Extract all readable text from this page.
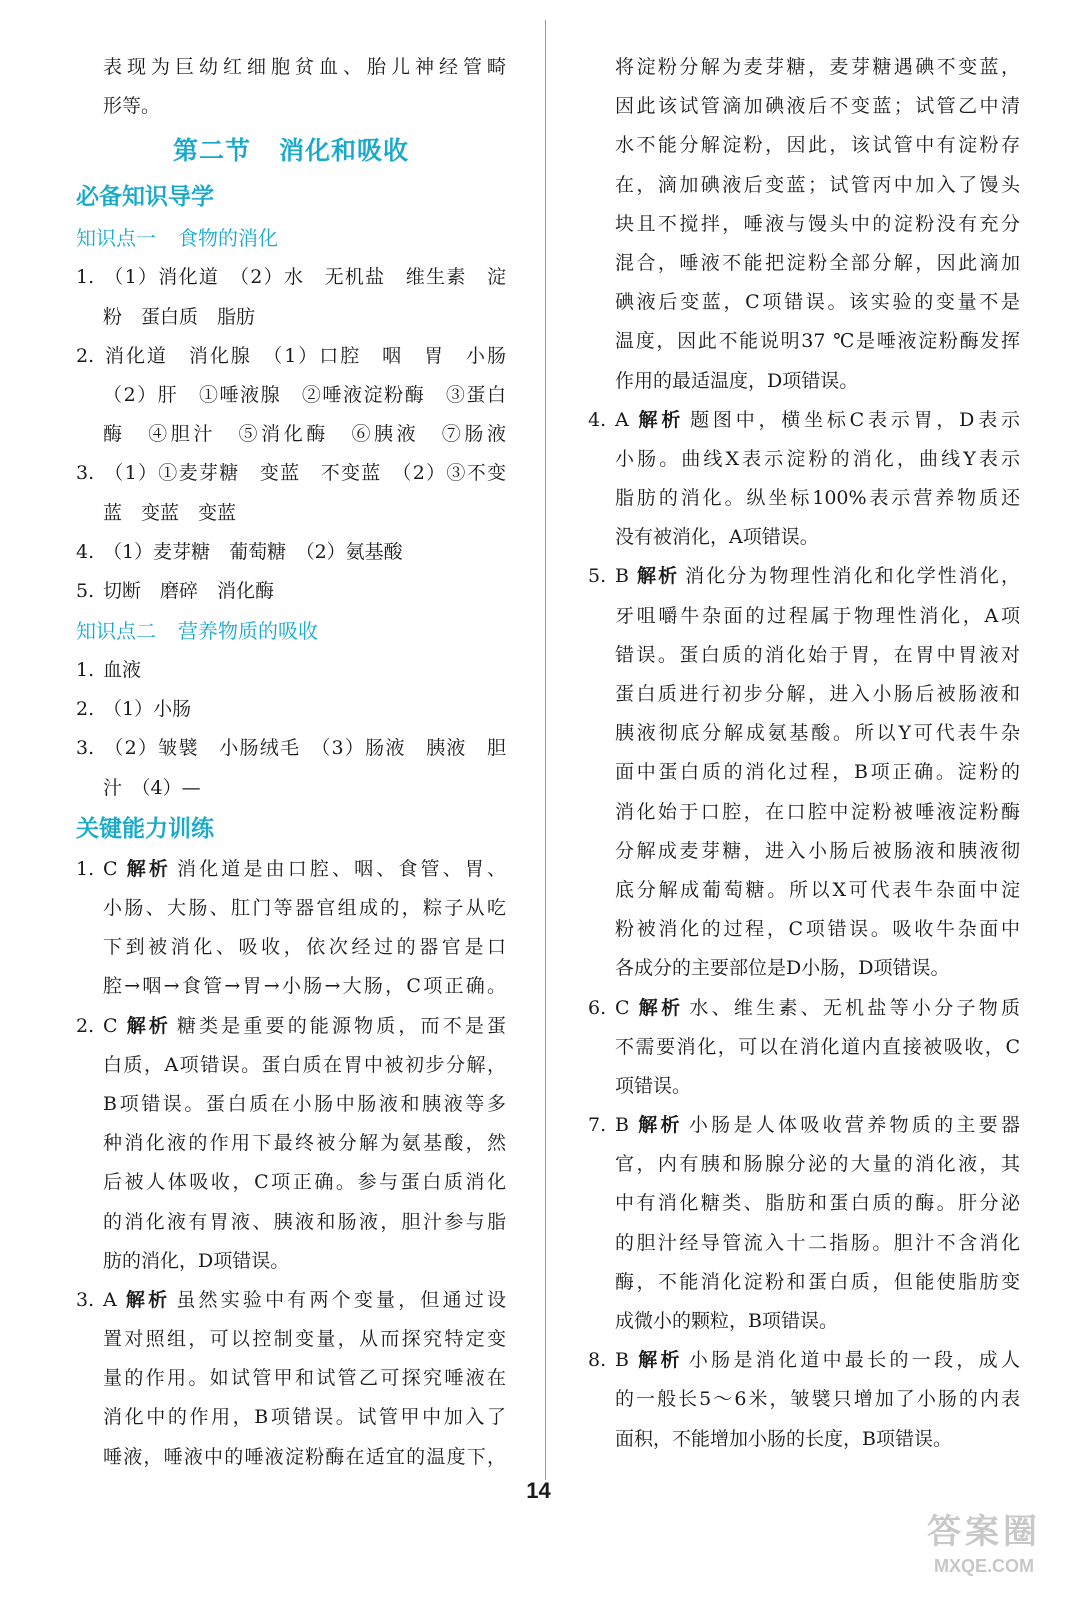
表现为巨幼红细胞贫血、胎儿神经管畸
形等。
第二节 消化和吸收
必备知识导学
知识点一 食物的消化
1. （1）消化道　（2）水　无机盐　维生素　淀
粉　蛋白质　脂肪
2. 消化道　消化腺　（1）口腔　咽　胃　小肠
（2）肝　①唾液腺　②唾液淀粉酶　③蛋白
酶　④胆汁　⑤消化酶　⑥胰液　⑦肠液
3. （1）①麦芽糖　变蓝　不变蓝　（2）③不变
蓝　变蓝　变蓝
4. （1）麦芽糖　葡萄糖　（2）氨基酸
5. 切断　磨碎　消化酶
知识点二 营养物质的吸收
1. 血液
2. （1）小肠
3. （2）皱襞　小肠绒毛　（3）肠液　胰液　胆
汁　（4）—
关键能力训练
1. C 解析 消化道是由口腔、咽、食管、胃、
小肠、大肠、肛门等器官组成的，粽子从吃
下到被消化、吸收，依次经过的器官是口
腔→咽→食管→胃→小肠→大肠，C项正确。
2. C 解析 糖类是重要的能源物质，而不是蛋
白质，A项错误。蛋白质在胃中被初步分解，
B项错误。蛋白质在小肠中肠液和胰液等多
种消化液的作用下最终被分解为氨基酸，然
后被人体吸收，C项正确。参与蛋白质消化
的消化液有胃液、胰液和肠液，胆汁参与脂
肪的消化，D项错误。
3. A 解析 虽然实验中有两个变量，但通过设
置对照组，可以控制变量，从而探究特定变
量的作用。如试管甲和试管乙可探究唾液在
消化中的作用，B项错误。试管甲中加入了
唾液，唾液中的唾液淀粉酶在适宜的温度下，
将淀粉分解为麦芽糖，麦芽糖遇碘不变蓝，
因此该试管滴加碘液后不变蓝；试管乙中清
水不能分解淀粉，因此，该试管中有淀粉存
在，滴加碘液后变蓝；试管丙中加入了馒头
块且不搅拌，唾液与馒头中的淀粉没有充分
混合，唾液不能把淀粉全部分解，因此滴加
碘液后变蓝，C项错误。该实验的变量不是
温度，因此不能说明37 ℃是唾液淀粉酶发挥
作用的最适温度，D项错误。
4. A 解析 题图中，横坐标C表示胃，D表示
小肠。曲线X表示淀粉的消化，曲线Y表示
脂肪的消化。纵坐标100%表示营养物质还
没有被消化，A项错误。
5. B 解析 消化分为物理性消化和化学性消化，
牙咀嚼牛杂面的过程属于物理性消化，A项
错误。蛋白质的消化始于胃，在胃中胃液对
蛋白质进行初步分解，进入小肠后被肠液和
胰液彻底分解成氨基酸。所以Y可代表牛杂
面中蛋白质的消化过程，B项正确。淀粉的
消化始于口腔，在口腔中淀粉被唾液淀粉酶
分解成麦芽糖，进入小肠后被肠液和胰液彻
底分解成葡萄糖。所以X可代表牛杂面中淀
粉被消化的过程，C项错误。吸收牛杂面中
各成分的主要部位是D小肠，D项错误。
6. C 解析 水、维生素、无机盐等小分子物质
不需要消化，可以在消化道内直接被吸收，C
项错误。
7. B 解析 小肠是人体吸收营养物质的主要器
官，内有胰和肠腺分泌的大量的消化液，其
中有消化糖类、脂肪和蛋白质的酶。肝分泌
的胆汁经导管流入十二指肠。胆汁不含消化
酶，不能消化淀粉和蛋白质，但能使脂肪变
成微小的颗粒，B项错误。
8. B 解析 小肠是消化道中最长的一段，成人
的一般长5～6米，皱襞只增加了小肠的内表
面积，不能增加小肠的长度，B项错误。
14
答案圈
MXQE.COM
